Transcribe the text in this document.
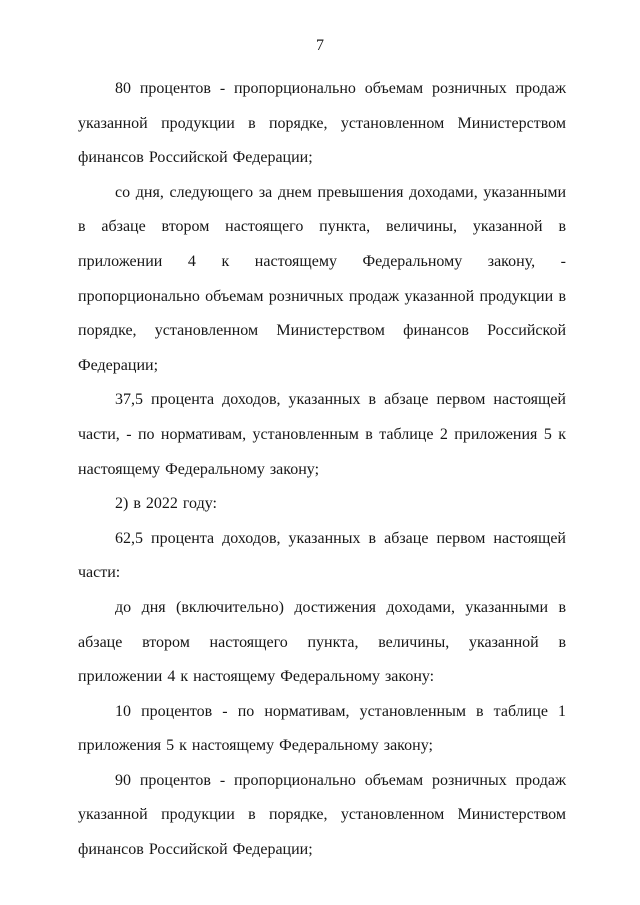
7

80 процентов - пропорционально объемам розничных продаж указанной продукции в порядке, установленном Министерством финансов Российской Федерации;

со дня, следующего за днем превышения доходами, указанными в абзаце втором настоящего пункта, величины, указанной в приложении 4 к настоящему Федеральному закону, - пропорционально объемам розничных продаж указанной продукции в порядке, установленном Министерством финансов Российской Федерации;

37,5 процента доходов, указанных в абзаце первом настоящей части, - по нормативам, установленным в таблице 2 приложения 5 к настоящему Федеральному закону;

2) в 2022 году:

62,5 процента доходов, указанных в абзаце первом настоящей части:

до дня (включительно) достижения доходами, указанными в абзаце втором настоящего пункта, величины, указанной в приложении 4 к настоящему Федеральному закону:

10 процентов - по нормативам, установленным в таблице 1 приложения 5 к настоящему Федеральному закону;

90 процентов - пропорционально объемам розничных продаж указанной продукции в порядке, установленном Министерством финансов Российской Федерации;
